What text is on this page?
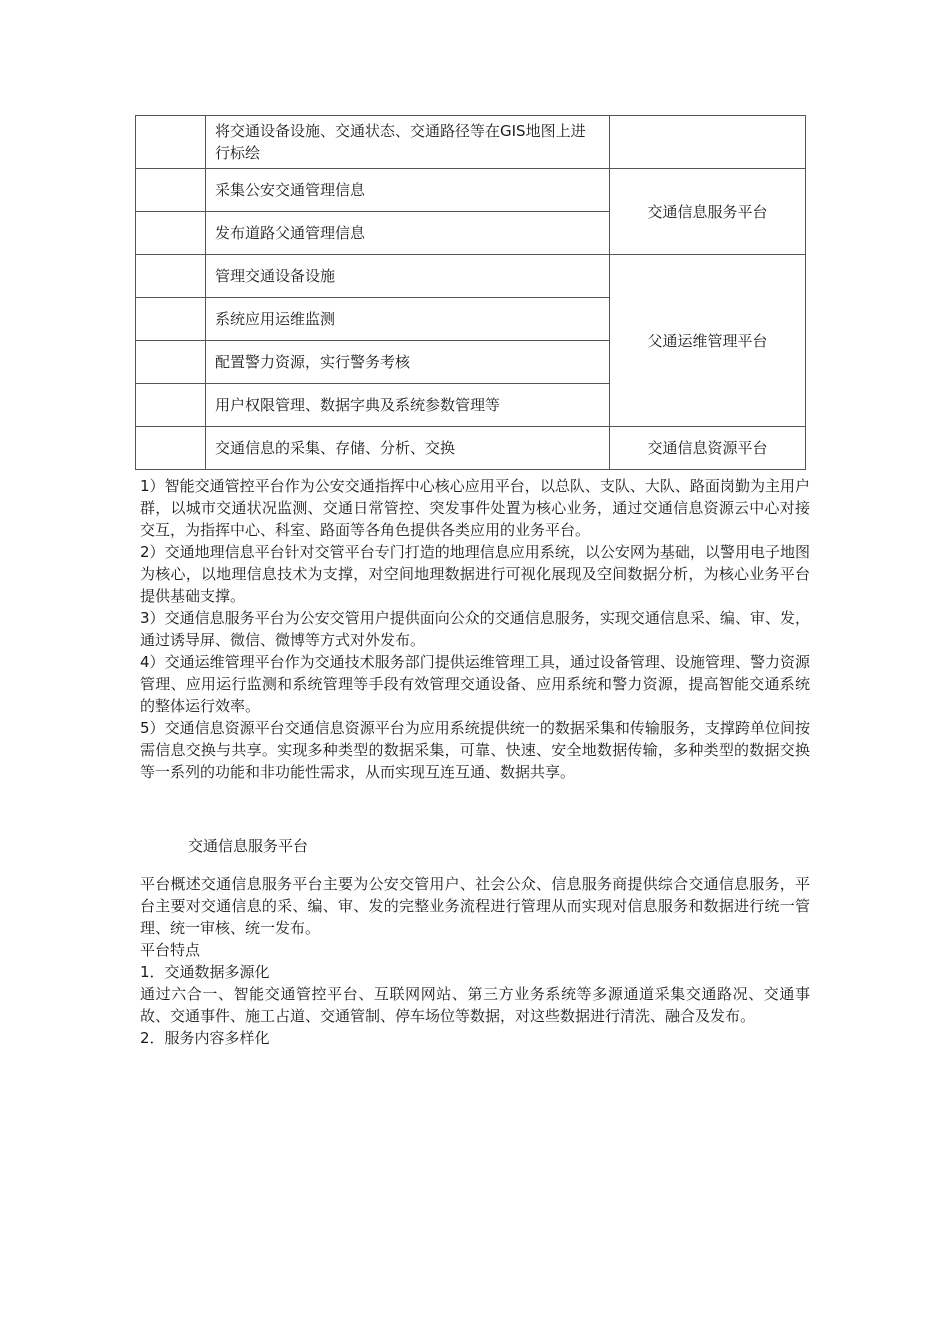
	将交通设备设施、交通状态、交通路径等在GIS地图上进行标绘	
	采集公安交通管理信息	交通信息服务平台
	发布道路父通管理信息	
	管理交通设备设施	父通运维管理平台
	系统应用运维监测	
	配置警力资源，实行警务考核	
	用户权限管理、数据字典及系统参数管理等	
	交通信息的采集、存储、分析、交换	交通信息资源平台

1）智能交通管控平台作为公安交通指挥中心核心应用平台，以总队、支队、大队、路面岗勤为主用户群，以城市交通状况监测、交通日常管控、突发事件处置为核心业务，通过交通信息资源云中心对接交互，为指挥中心、科室、路面等各角色提供各类应用的业务平台。

2）交通地理信息平台针对交管平台专门打造的地理信息应用系统，以公安网为基础，以警用电子地图为核心，以地理信息技术为支撑，对空间地理数据进行可视化展现及空间数据分析，为核心业务平台提供基础支撑。

3）交通信息服务平台为公安交管用户提供面向公众的交通信息服务，实现交通信息采、编、审、发，通过诱导屏、微信、微博等方式对外发布。

4）交通运维管理平台作为交通技术服务部门提供运维管理工具，通过设备管理、设施管理、警力资源管理、应用运行监测和系统管理等手段有效管理交通设备、应用系统和警力资源，提高智能交通系统的整体运行效率。

5）交通信息资源平台交通信息资源平台为应用系统提供统一的数据采集和传输服务，支撑跨单位间按需信息交换与共享。实现多种类型的数据采集，可靠、快速、安全地数据传输，多种类型的数据交换等一系列的功能和非功能性需求，从而实现互连互通、数据共享。

交通信息服务平台

平台概述交通信息服务平台主要为公安交管用户、社会公众、信息服务商提供综合交通信息服务，平台主要对交通信息的采、编、审、发的完整业务流程进行管理从而实现对信息服务和数据进行统一管理、统一审核、统一发布。

平台特点

1．交通数据多源化

通过六合一、智能交通管控平台、互联网网站、第三方业务系统等多源通道采集交通路况、交通事故、交通事件、施工占道、交通管制、停车场位等数据，对这些数据进行清洗、融合及发布。

2．服务内容多样化
